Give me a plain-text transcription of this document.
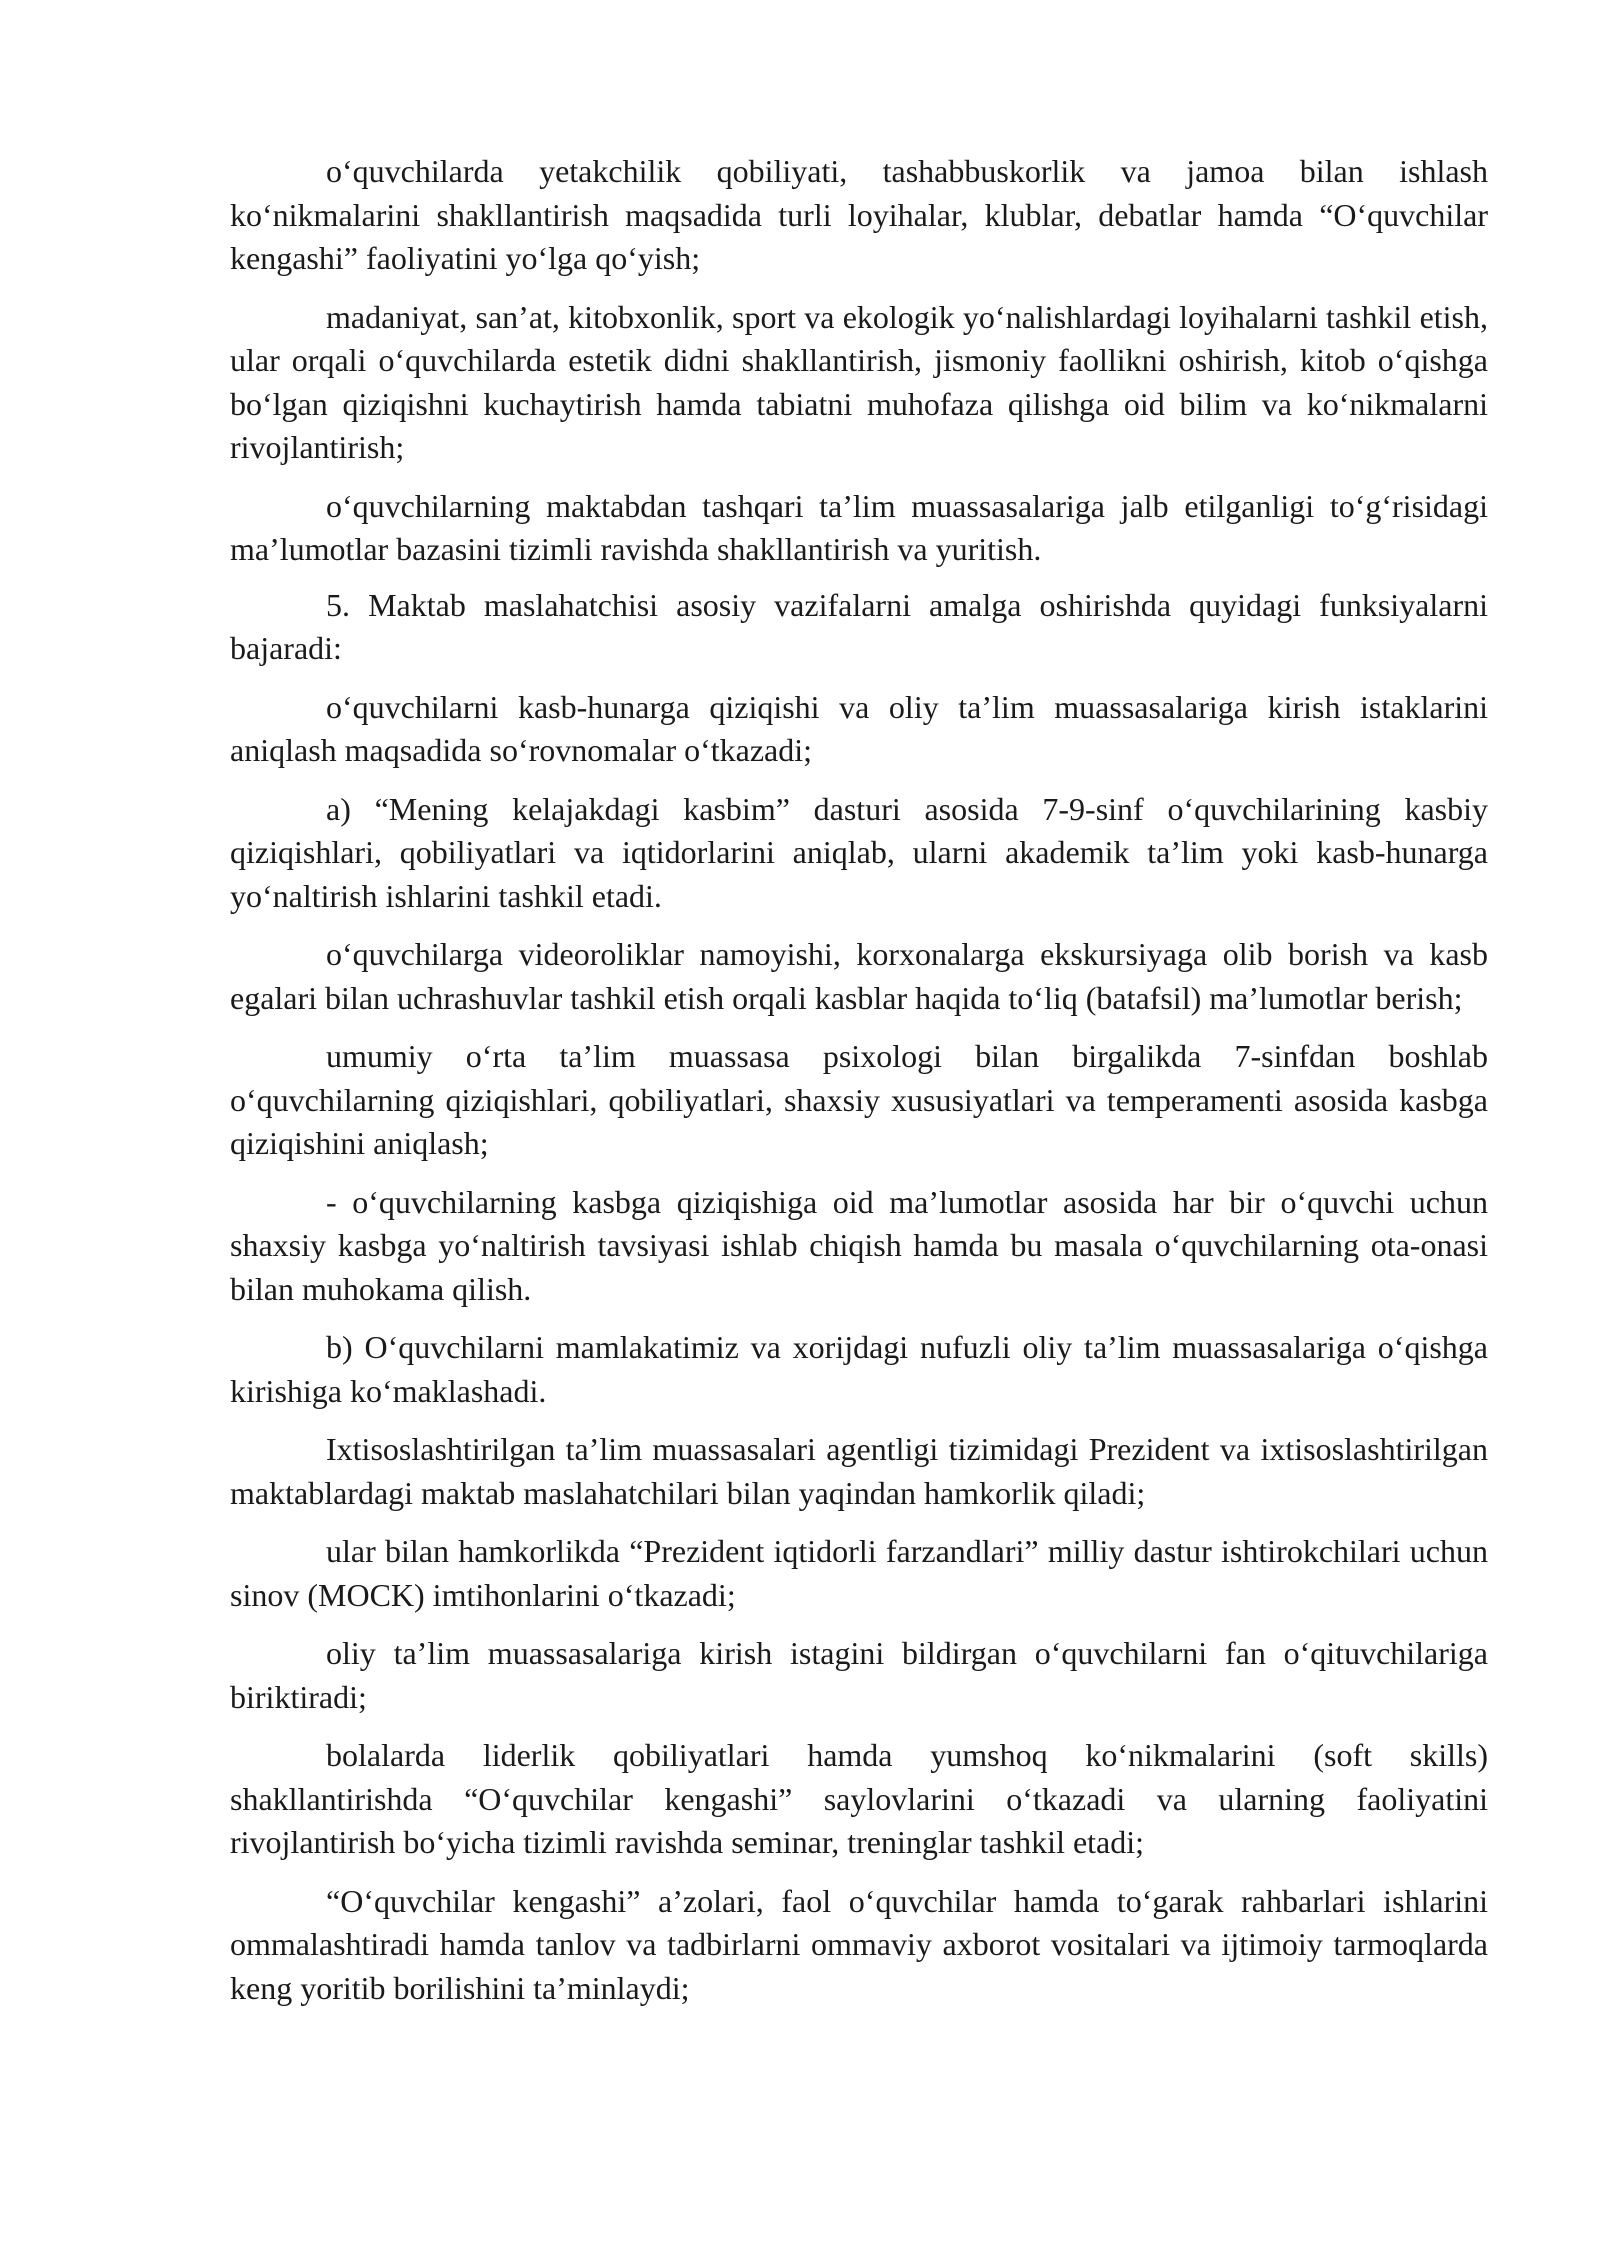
o‘quvchilarda yetakchilik qobiliyati, tashabbuskorlik va jamoa bilan ishlash ko‘nikmalarini shakllantirish maqsadida turli loyihalar, klublar, debatlar hamda “O‘quvchilar kengashi” faoliyatini yo‘lga qo‘yish;

madaniyat, san’at, kitobxonlik, sport va ekologik yo‘nalishlardagi loyihalarni tashkil etish, ular orqali o‘quvchilarda estetik didni shakllantirish, jismoniy faollikni oshirish, kitob o‘qishga bo‘lgan qiziqishni kuchaytirish hamda tabiatni muhofaza qilishga oid bilim va ko‘nikmalarni rivojlantirish;

o‘quvchilarning maktabdan tashqari ta’lim muassasalariga jalb etilganligi to‘g‘risidagi ma’lumotlar bazasini tizimli ravishda shakllantirish va yuritish.

5. Maktab maslahatchisi asosiy vazifalarni amalga oshirishda quyidagi funksiyalarni bajaradi:

o‘quvchilarni kasb-hunarga qiziqishi va oliy ta’lim muassasalariga kirish istaklarini aniqlash maqsadida so‘rovnomalar o‘tkazadi;

a) “Mening kelajakdagi kasbim” dasturi asosida 7-9-sinf o‘quvchilarining kasbiy qiziqishlari, qobiliyatlari va iqtidorlarini aniqlab, ularni akademik ta’lim yoki kasb-hunarga yo‘naltirish ishlarini tashkil etadi.

o‘quvchilarga videoroliklar namoyishi, korxonalarga ekskursiyaga olib borish va kasb egalari bilan uchrashuvlar tashkil etish orqali kasblar haqida to‘liq (batafsil) ma’lumotlar berish;

umumiy o‘rta ta’lim muassasa psixologi bilan birgalikda 7-sinfdan boshlab o‘quvchilarning qiziqishlari, qobiliyatlari, shaxsiy xususiyatlari va temperamenti asosida kasbga qiziqishini aniqlash;

- o‘quvchilarning kasbga qiziqishiga oid ma’lumotlar asosida har bir o‘quvchi uchun shaxsiy kasbga yo‘naltirish tavsiyasi ishlab chiqish hamda bu masala o‘quvchilarning ota-onasi bilan muhokama qilish.

b) O‘quvchilarni mamlakatimiz va xorijdagi nufuzli oliy ta’lim muassasalariga o‘qishga kirishiga ko‘maklashadi.

Ixtisoslashtirilgan ta’lim muassasalari agentligi tizimidagi Prezident va ixtisoslashtirilgan maktablardagi maktab maslahatchilari bilan yaqindan hamkorlik qiladi;

ular bilan hamkorlikda “Prezident iqtidorli farzandlari” milliy dastur ishtirokchilari uchun sinov (MOCK) imtihonlarini o‘tkazadi;

oliy ta’lim muassasalariga kirish istagini bildirgan o‘quvchilarni fan o‘qituvchilariga biriktiradi;

bolalarda liderlik qobiliyatlari hamda yumshoq ko‘nikmalarini (soft skills) shakllantirishda “O‘quvchilar kengashi” saylovlarini o‘tkazadi va ularning faoliyatini rivojlantirish bo‘yicha tizimli ravishda seminar, treninglar tashkil etadi;

“O‘quvchilar kengashi” a’zolari, faol o‘quvchilar hamda to‘garak rahbarlari ishlarini ommalashtiradi hamda tanlov va tadbirlarni ommaviy axborot vositalari va ijtimoiy tarmoqlarda keng yoritib borilishini ta’minlaydi;
